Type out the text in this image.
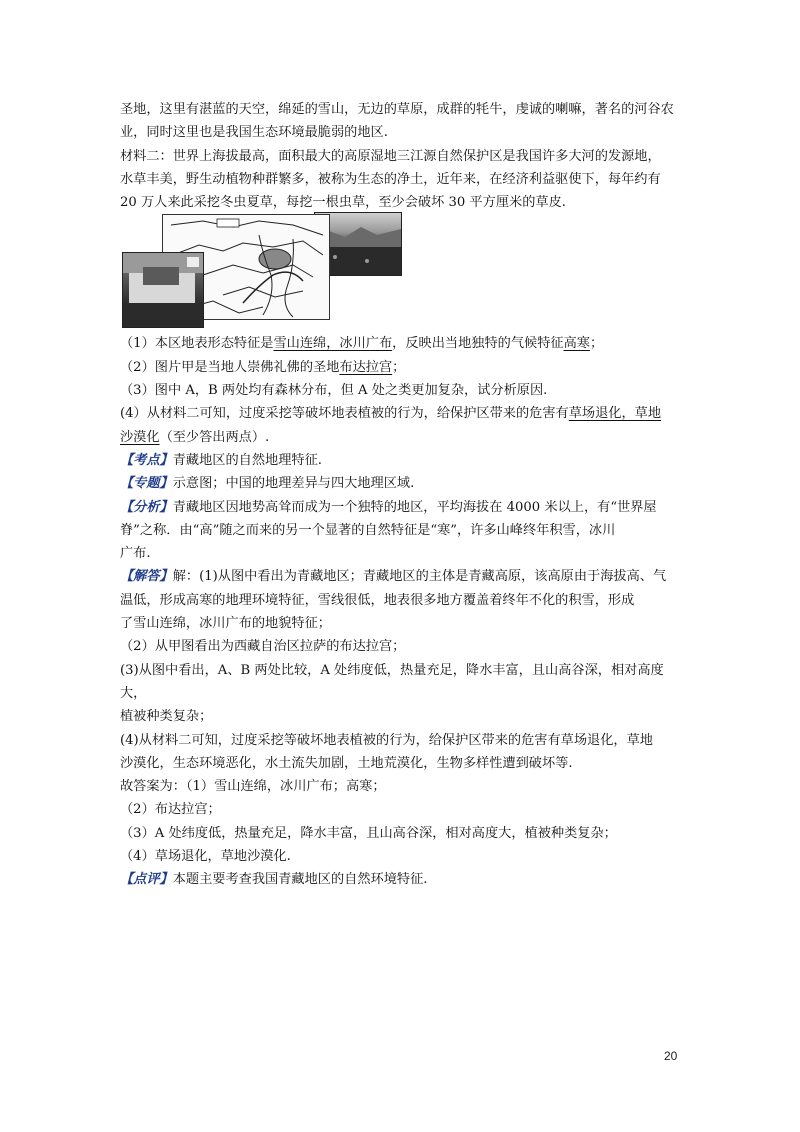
圣地，这里有湛蓝的天空，绵延的雪山，无边的草原，成群的牦牛，虔诚的喇嘛，著名的河谷农

业，同时这里也是我国生态环境最脆弱的地区.

材料二：世界上海拔最高，面积最大的高原湿地三江源自然保护区是我国许多大河的发源地，

水草丰美，野生动植物种群繁多，被称为生态的净土，近年来，在经济利益驱使下，每年约有

20 万人来此采挖冬虫夏草，每挖一根虫草，至少会破坏 30 平方厘米的草皮.

（1）本区地表形态特征是雪山连绵，冰川广布，反映出当地独特的气候特征高寒；

（2）图片甲是当地人崇佛礼佛的圣地布达拉宫；

（3）图中 A，B 两处均有森林分布，但 A 处之类更加复杂，试分析原因.

(4）从材料二可知，过度采挖等破坏地表植被的行为，给保护区带来的危害有草场退化，草地

沙漠化（至少答出两点）.

【考点】青藏地区的自然地理特征.

【专题】示意图；中国的地理差异与四大地理区域.

【分析】青藏地区因地势高耸而成为一个独特的地区，平均海拔在 4000 米以上，有“世界屋

脊”之称．由“高”随之而来的另一个显著的自然特征是“寒”，许多山峰终年积雪，冰川

广布.

【解答】解：(1)从图中看出为青藏地区；青藏地区的主体是青藏高原，该高原由于海拔高、气

温低，形成高寒的地理环境特征，雪线很低，地表很多地方覆盖着终年不化的积雪，形成

了雪山连绵，冰川广布的地貌特征；

（2）从甲图看出为西藏自治区拉萨的布达拉宫；

(3)从图中看出，A、B 两处比较，A 处纬度低，热量充足，降水丰富，且山高谷深，相对高度大，

植被种类复杂；

(4)从材料二可知，过度采挖等破坏地表植被的行为，给保护区带来的危害有草场退化，草地

沙漠化，生态环境恶化，水土流失加剧，土地荒漠化，生物多样性遭到破坏等.

故答案为：（1）雪山连绵，冰川广布；高寒；

（2）布达拉宫；

（3）A 处纬度低，热量充足，降水丰富，且山高谷深，相对高度大，植被种类复杂；

（4）草场退化，草地沙漠化.

【点评】本题主要考查我国青藏地区的自然环境特征.

20
